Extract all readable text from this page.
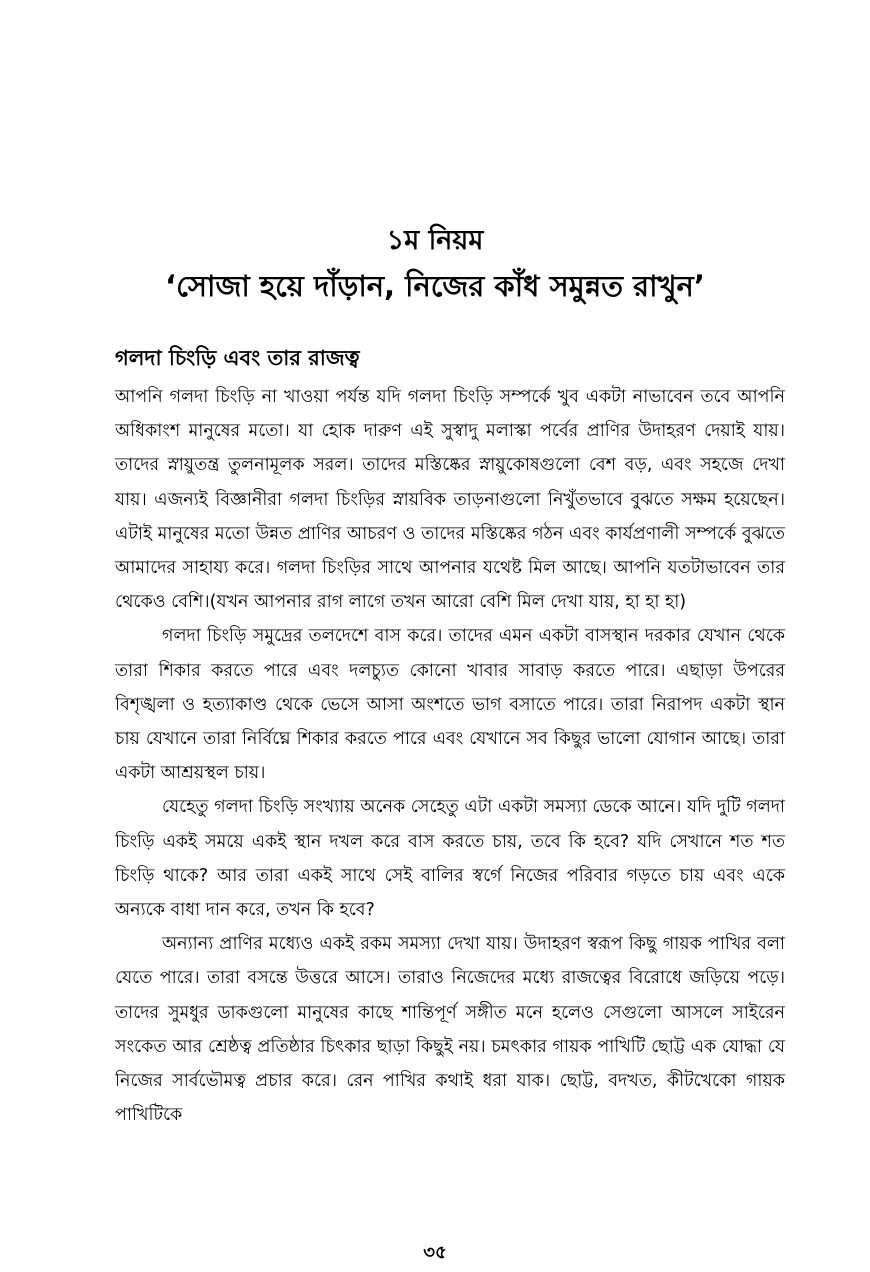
১ম নিয়ম
‘সোজা হয়ে দাঁড়ান, নিজের কাঁধ সমুন্নত রাখুন’
গলদা চিংড়ি এবং তার রাজত্ব

আপনি গলদা চিংড়ি না খাওয়া পর্যন্ত যদি গলদা চিংড়ি সম্পর্কে খুব একটা নাভাবেন তবে আপনি অধিকাংশ মানুষের মতো। যা হোক দারুণ এই সুস্বাদু মলাস্কা পর্বের প্রাণির উদাহরণ দেয়াই যায়। তাদের স্নায়ুতন্ত্র তুলনামূলক সরল। তাদের মস্তিষ্কের স্নায়ুকোষগুলো বেশ বড়, এবং সহজে দেখা যায়। এজন্যই বিজ্ঞানীরা গলদা চিংড়ির স্নায়বিক তাড়নাগুলো নিখুঁতভাবে বুঝতে সক্ষম হয়েছেন। এটাই মানুষের মতো উন্নত প্রাণির আচরণ ও তাদের মস্তিষ্কের গঠন এবং কার্যপ্রণালী সম্পর্কে বুঝতে আমাদের সাহায্য করে। গলদা চিংড়ির সাথে আপনার যথেষ্ট মিল আছে। আপনি যতটাভাবেন তার থেকেও বেশি।(যখন আপনার রাগ লাগে তখন আরো বেশি মিল দেখা যায়, হা হা হা)

গলদা চিংড়ি সমুদ্রের তলদেশে বাস করে। তাদের এমন একটা বাসস্থান দরকার যেখান থেকে তারা শিকার করতে পারে এবং দলচ্যুত কোনো খাবার সাবাড় করতে পারে। এছাড়া উপরের বিশৃঙ্খলা ও হত্যাকাণ্ড থেকে ভেসে আসা অংশতে ভাগ বসাতে পারে। তারা নিরাপদ একটা স্থান চায় যেখানে তারা নির্বিঘ্নে শিকার করতে পারে এবং যেখানে সব কিছুর ভালো যোগান আছে। তারা একটা আশ্রয়স্থল চায়।

যেহেতু গলদা চিংড়ি সংখ্যায় অনেক সেহেতু এটা একটা সমস্যা ডেকে আনে। যদি দুটি গলদা চিংড়ি একই সময়ে একই স্থান দখল করে বাস করতে চায়, তবে কি হবে? যদি সেখানে শত শত চিংড়ি থাকে? আর তারা একই সাথে সেই বালির স্বর্গে নিজের পরিবার গড়তে চায় এবং একে অন্যকে বাধা দান করে, তখন কি হবে?

অন্যান্য প্রাণির মধ্যেও একই রকম সমস্যা দেখা যায়। উদাহরণ স্বরূপ কিছু গায়ক পাখির বলা যেতে পারে। তারা বসন্তে উত্তরে আসে। তারাও নিজেদের মধ্যে রাজত্বের বিরোধে জড়িয়ে পড়ে। তাদের সুমধুর ডাকগুলো মানুষের কাছে শান্তিপূর্ণ সঙ্গীত মনে হলেও সেগুলো আসলে সাইরেন সংকেত আর শ্রেষ্ঠত্ব প্রতিষ্ঠার চিৎকার ছাড়া কিছুই নয়। চমৎকার গায়ক পাখিটি ছোট্ট এক যোদ্ধা যে নিজের সার্বভৌমত্ব প্রচার করে। রেন পাখির কথাই ধরা যাক। ছোট্ট, বদখত, কীটখেকো গায়ক পাখিটিকে

৩৫
